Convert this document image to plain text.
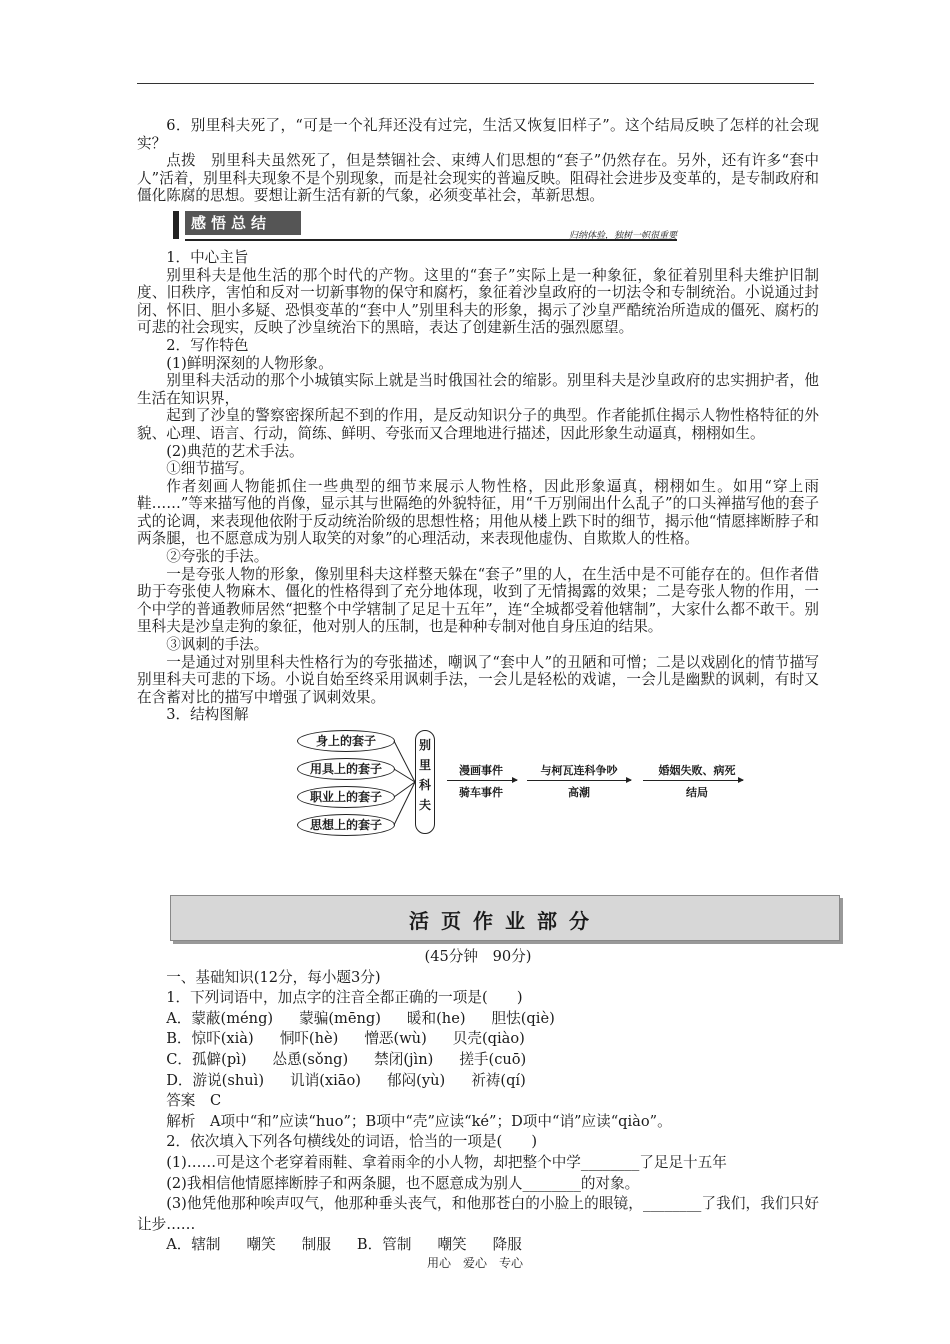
6．别里科夫死了，“可是一个礼拜还没有过完，生活又恢复旧样子”。这个结局反映了怎样的社会现实？

点拨　别里科夫虽然死了，但是禁锢社会、束缚人们思想的“套子”仍然存在。另外，还有许多“套中人”活着，别里科夫现象不是个别现象，而是社会现实的普遍反映。阻碍社会进步及变革的，是专制政府和僵化陈腐的思想。要想让新生活有新的气象，必须变革社会，革新思想。

感悟总结
归纳体验，独树一帜很重要

1．中心主旨

别里科夫是他生活的那个时代的产物。这里的“套子”实际上是一种象征，象征着别里科夫维护旧制度、旧秩序，害怕和反对一切新事物的保守和腐朽，象征着沙皇政府的一切法令和专制统治。小说通过封闭、怀旧、胆小多疑、恐惧变革的“套中人”别里科夫的形象，揭示了沙皇严酷统治所造成的僵死、腐朽的可悲的社会现实，反映了沙皇统治下的黑暗，表达了创建新生活的强烈愿望。

2．写作特色

(1)鲜明深刻的人物形象。

别里科夫活动的那个小城镇实际上就是当时俄国社会的缩影。别里科夫是沙皇政府的忠实拥护者，他生活在知识界，

起到了沙皇的警察密探所起不到的作用，是反动知识分子的典型。作者能抓住揭示人物性格特征的外貌、心理、语言、行动，简练、鲜明、夸张而又合理地进行描述，因此形象生动逼真，栩栩如生。

(2)典范的艺术手法。

①细节描写。

作者刻画人物能抓住一些典型的细节来展示人物性格，因此形象逼真，栩栩如生。如用“穿上雨鞋……”等来描写他的肖像，显示其与世隔绝的外貌特征，用“千万别闹出什么乱子”的口头禅描写他的套子式的论调，来表现他依附于反动统治阶级的思想性格；用他从楼上跌下时的细节，揭示他“情愿摔断脖子和两条腿，也不愿意成为别人取笑的对象”的心理活动，来表现他虚伪、自欺欺人的性格。

②夸张的手法。

一是夸张人物的形象，像别里科夫这样整天躲在“套子”里的人，在生活中是不可能存在的。但作者借助于夸张使人物麻木、僵化的性格得到了充分地体现，收到了无情揭露的效果；二是夸张人物的作用，一个中学的普通教师居然“把整个中学辖制了足足十五年”，连“全城都受着他辖制”，大家什么都不敢干。别里科夫是沙皇走狗的象征，他对别人的压制，也是种种专制对他自身压迫的结果。

③讽刺的手法。

一是通过对别里科夫性格行为的夸张描述，嘲讽了“套中人”的丑陋和可憎；二是以戏剧化的情节描写别里科夫可悲的下场。小说自始至终采用讽刺手法，一会儿是轻松的戏谑，一会儿是幽默的讽刺，有时又在含蓄对比的描写中增强了讽刺效果。

3．结构图解

身上的套子
用具上的套子
职业上的套子
思想上的套子
别里科夫
漫画事件
骑车事件
与柯瓦连科争吵
高潮
婚姻失败、病死
结局
活页作业部分
(45分钟　90分)
一、基础知识(12分，每小题3分)
1．下列词语中，加点字的注音全都正确的一项是(　　)
A．蒙蔽(méng) 蒙骗(mēng) 暖和(he) 胆怯(qiè)
B．惊吓(xià) 恫吓(hè) 憎恶(wù) 贝壳(qiào)
C．孤僻(pì) 怂恿(sǒng) 禁闭(jìn) 搓手(cuō)
D．游说(shuì) 讥诮(xiāo) 郁闷(yù) 祈祷(qí)
答案　C
解析　A项中“和”应读“huo”；B项中“壳”应读“ké”；D项中“诮”应读“qiào”。
2．依次填入下列各句横线处的词语，恰当的一项是(　　)
(1)……可是这个老穿着雨鞋、拿着雨伞的小人物，却把整个中学________了足足十五年
(2)我相信他情愿摔断脖子和两条腿，也不愿意成为别人________的对象。
(3)他凭他那种唉声叹气，他那种垂头丧气，和他那苍白的小脸上的眼镜，________了我们，我们只好让步……
A．辖制 嘲笑 制服 B．管制 嘲笑 降服
用心　爱心　专心
